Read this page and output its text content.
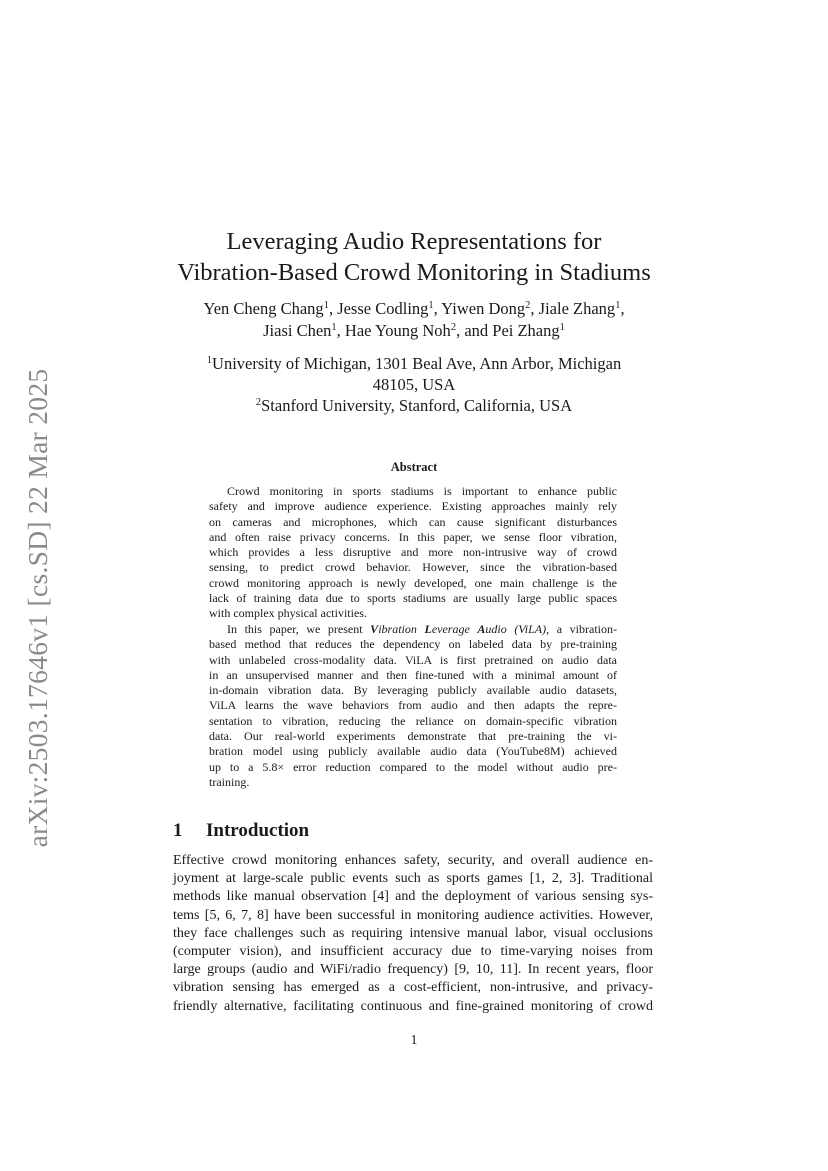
arXiv:2503.17646v1 [cs.SD] 22 Mar 2025
Leveraging Audio Representations for
Vibration-Based Crowd Monitoring in Stadiums
Yen Cheng Chang$^1$, Jesse Codling$^1$, Yiwen Dong$^2$, Jiale Zhang$^1$,
Jiasi Chen$^1$, Hae Young Noh$^2$, and Pei Zhang$^1$
$^1$University of Michigan, 1301 Beal Ave, Ann Arbor, Michigan
48105, USA
$^2$Stanford University, Stanford, California, USA
Abstract
Crowd monitoring in sports stadiums is important to enhance public
safety and improve audience experience. Existing approaches mainly rely
on cameras and microphones, which can cause significant disturbances
and often raise privacy concerns. In this paper, we sense floor vibration,
which provides a less disruptive and more non-intrusive way of crowd
sensing, to predict crowd behavior. However, since the vibration-based
crowd monitoring approach is newly developed, one main challenge is the
lack of training data due to sports stadiums are usually large public spaces
with complex physical activities.
In this paper, we present Vibration Leverage Audio (ViLA), a vibration-
based method that reduces the dependency on labeled data by pre-training
with unlabeled cross-modality data. ViLA is first pretrained on audio data
in an unsupervised manner and then fine-tuned with a minimal amount of
in-domain vibration data. By leveraging publicly available audio datasets,
ViLA learns the wave behaviors from audio and then adapts the repre-
sentation to vibration, reducing the reliance on domain-specific vibration
data. Our real-world experiments demonstrate that pre-training the vi-
bration model using publicly available audio data (YouTube8M) achieved
up to a 5.8× error reduction compared to the model without audio pre-
training.
1 Introduction
Effective crowd monitoring enhances safety, security, and overall audience en-
joyment at large-scale public events such as sports games [1, 2, 3]. Traditional
methods like manual observation [4] and the deployment of various sensing sys-
tems [5, 6, 7, 8] have been successful in monitoring audience activities. However,
they face challenges such as requiring intensive manual labor, visual occlusions
(computer vision), and insufficient accuracy due to time-varying noises from
large groups (audio and WiFi/radio frequency) [9, 10, 11]. In recent years, floor
vibration sensing has emerged as a cost-efficient, non-intrusive, and privacy-
friendly alternative, facilitating continuous and fine-grained monitoring of crowd
1
